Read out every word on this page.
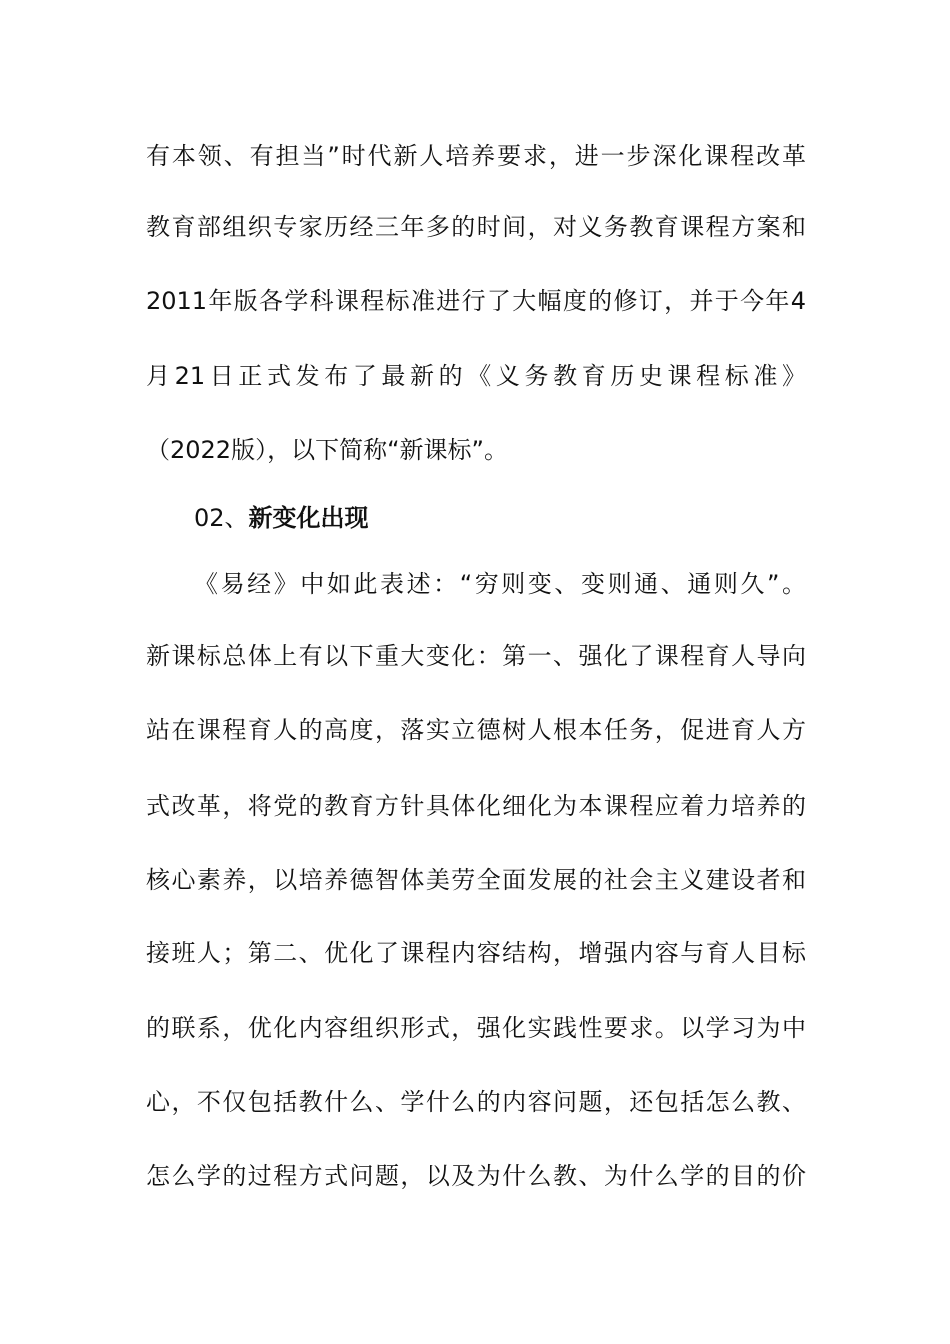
有本领、有担当”时代新人培养要求，进一步深化课程改革
教育部组织专家历经三年多的时间，对义务教育课程方案和
2011年版各学科课程标准进行了大幅度的修订，并于今年4
月21日正式发布了最新的《义务教育历史课程标准》
（2022版），以下简称“新课标”。
02、新变化出现
《易经》中如此表述：“穷则变、变则通、通则久”。
新课标总体上有以下重大变化：第一、强化了课程育人导向
站在课程育人的高度，落实立德树人根本任务，促进育人方
式改革，将党的教育方针具体化细化为本课程应着力培养的
核心素养，以培养德智体美劳全面发展的社会主义建设者和
接班人；第二、优化了课程内容结构，增强内容与育人目标
的联系，优化内容组织形式，强化实践性要求。以学习为中
心，不仅包括教什么、学什么的内容问题，还包括怎么教、
怎么学的过程方式问题，以及为什么教、为什么学的目的价
